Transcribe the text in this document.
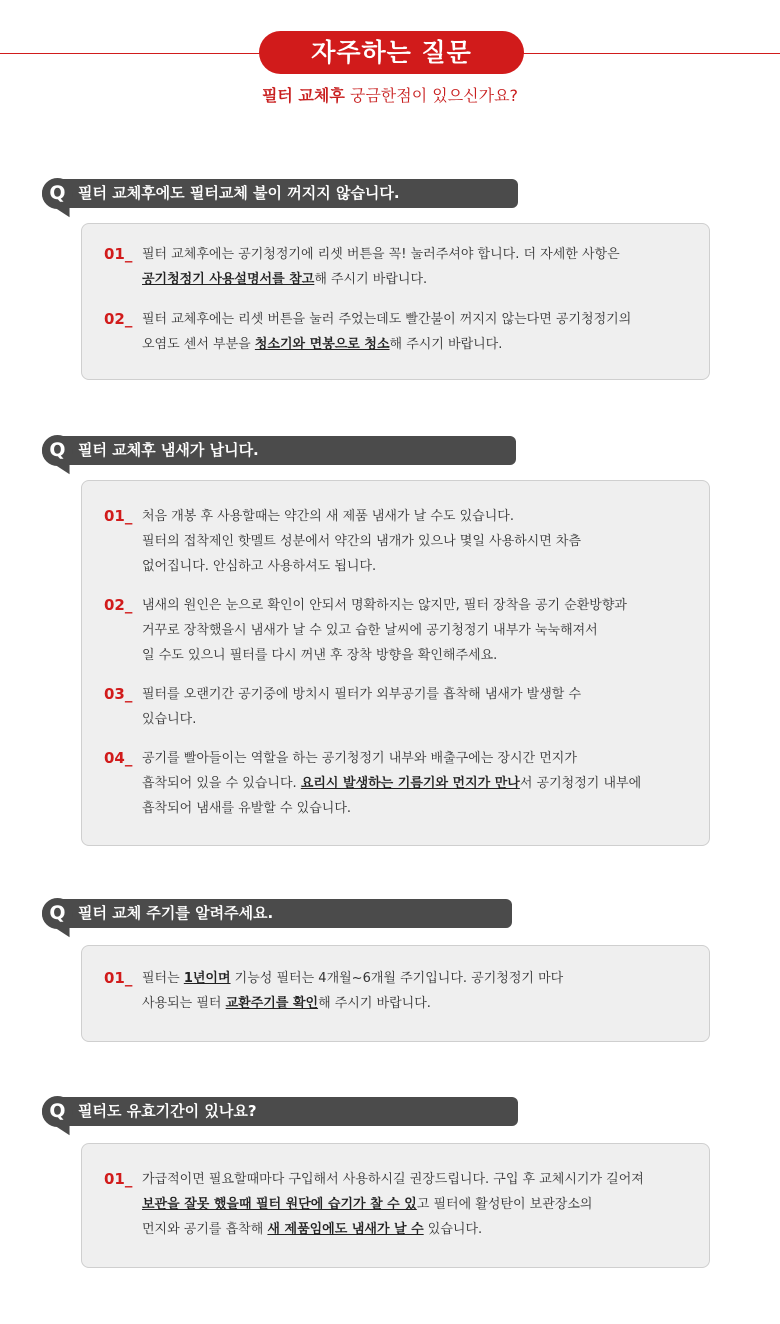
자주하는 질문
필터 교체후 궁금한점이 있으신가요?
Q 필터 교체후에도 필터교체 불이 꺼지지 않습니다.
01_ 필터 교체후에는 공기청정기에 리셋 버튼을 꼭! 눌러주셔야 합니다. 더 자세한 사항은
공기청정기 사용설명서를 참고해 주시기 바랍니다.
02_ 필터 교체후에는 리셋 버튼을 눌러 주었는데도 빨간불이 꺼지지 않는다면 공기청정기의
오염도 센서 부분을 청소기와 면봉으로 청소해 주시기 바랍니다.
Q 필터 교체후 냄새가 납니다.
01_ 처음 개봉 후 사용할때는 약간의 새 제품 냄새가 날 수도 있습니다.
필터의 접착제인 핫멜트 성분에서 약간의 냄개가 있으나 몇일 사용하시면 차츰
없어집니다. 안심하고 사용하셔도 됩니다.
02_ 냄새의 원인은 눈으로 확인이 안되서 명확하지는 않지만, 필터 장착을 공기 순환방향과
거꾸로 장착했을시 냄새가 날 수 있고 습한 날씨에 공기청정기 내부가 눅눅해져서
일 수도 있으니 필터를 다시 꺼낸 후 장착 방향을 확인해주세요.
03_ 필터를 오랜기간 공기중에 방치시 필터가 외부공기를 흡착해 냄새가 발생할 수
있습니다.
04_ 공기를 빨아들이는 역할을 하는 공기청정기 내부와 배출구에는 장시간 먼지가
흡착되어 있을 수 있습니다. 요리시 발생하는 기름기와 먼지가 만나서 공기청정기 내부에
흡착되어 냄새를 유발할 수 있습니다.
Q 필터 교체 주기를 알려주세요.
01_ 필터는 1년이며 기능성 필터는 4개월~6개월 주기입니다. 공기청정기 마다
사용되는 필터 교환주기를 확인해 주시기 바랍니다.
Q 필터도 유효기간이 있나요?
01_ 가급적이면 필요할때마다 구입해서 사용하시길 권장드립니다. 구입 후 교체시기가 길어져
보관을 잘못 했을때 필터 원단에 습기가 찰 수 있고 필터에 활성탄이 보관장소의
먼지와 공기를 흡착해 새 제품임에도 냄새가 날 수 있습니다.
